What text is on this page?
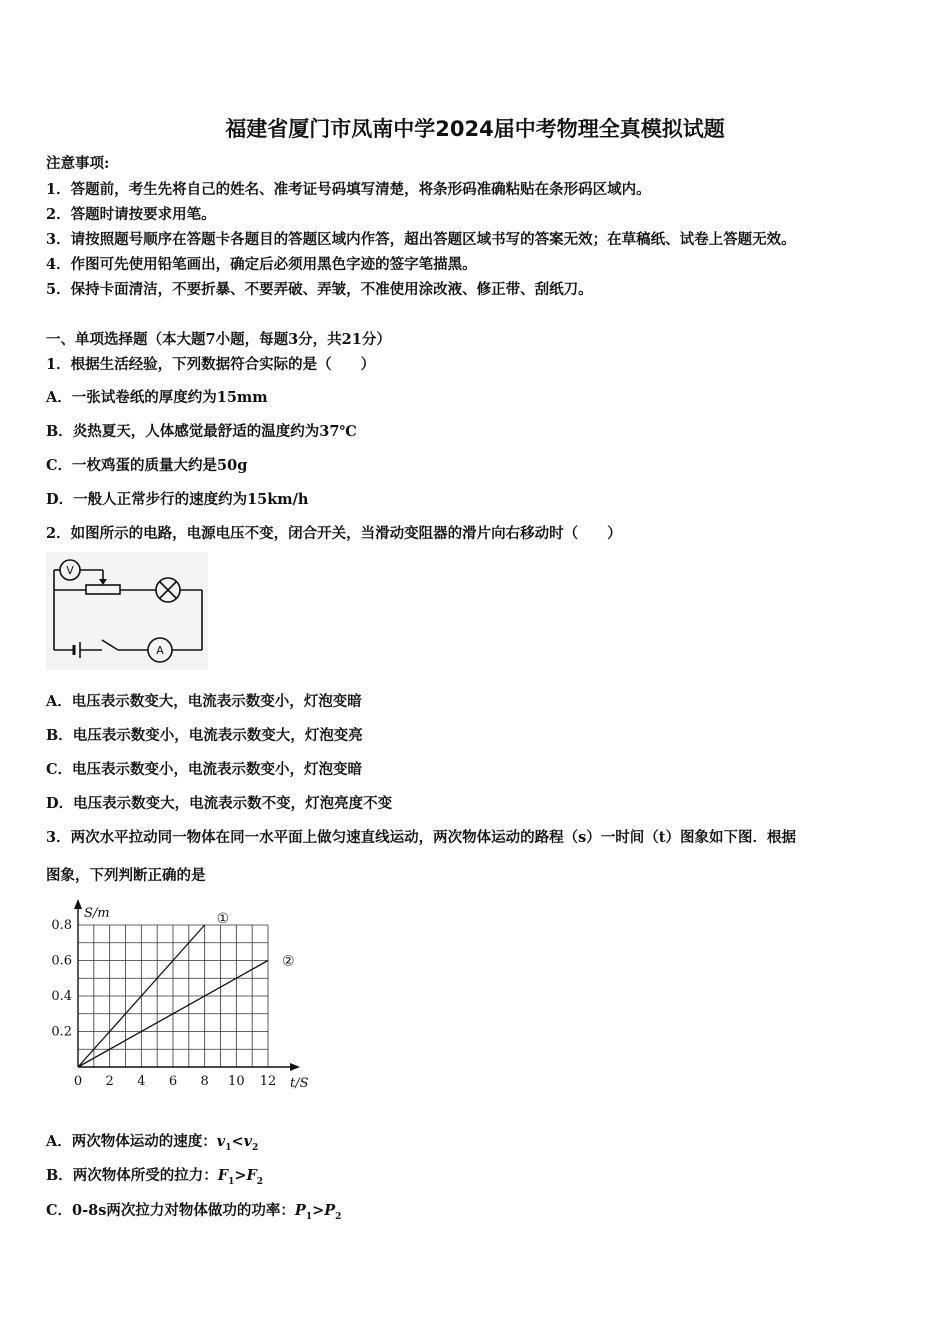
福建省厦门市凤南中学2024届中考物理全真模拟试题
注意事项:
1．答题前，考生先将自己的姓名、准考证号码填写清楚，将条形码准确粘贴在条形码区域内。
2．答题时请按要求用笔。
3．请按照题号顺序在答题卡各题目的答题区域内作答，超出答题区域书写的答案无效；在草稿纸、试卷上答题无效。
4．作图可先使用铅笔画出，确定后必须用黑色字迹的签字笔描黑。
5．保持卡面清洁，不要折暴、不要弄破、弄皱，不准使用涂改液、修正带、刮纸刀。
一、单项选择题（本大题7小题，每题3分，共21分）
1．根据生活经验，下列数据符合实际的是（　　）
A．一张试卷纸的厚度约为15mm
B．炎热夏天，人体感觉最舒适的温度约为37℃
C．一枚鸡蛋的质量大约是50g
D．一般人正常步行的速度约为15km/h
2．如图所示的电路，电源电压不变，闭合开关，当滑动变阻器的滑片向右移动时（　　）
V
A
A．电压表示数变大，电流表示数变小，灯泡变暗
B．电压表示数变小，电流表示数变大，灯泡变亮
C．电压表示数变小，电流表示数变小，灯泡变暗
D．电压表示数变大，电流表示数不变，灯泡亮度不变
3．两次水平拉动同一物体在同一水平面上做匀速直线运动，两次物体运动的路程（s）一时间（t）图象如下图．根据
图象，下列判断正确的是
0 2 4 6 8 10 12
0.2
0.4
0.6
0.8
S/m
t/S
①
②
A．两次物体运动的速度：$v_1<v_2$
B．两次物体所受的拉力：$F_1>F_2$
C．0-8s两次拉力对物体做功的功率：$P_1>P_2$
